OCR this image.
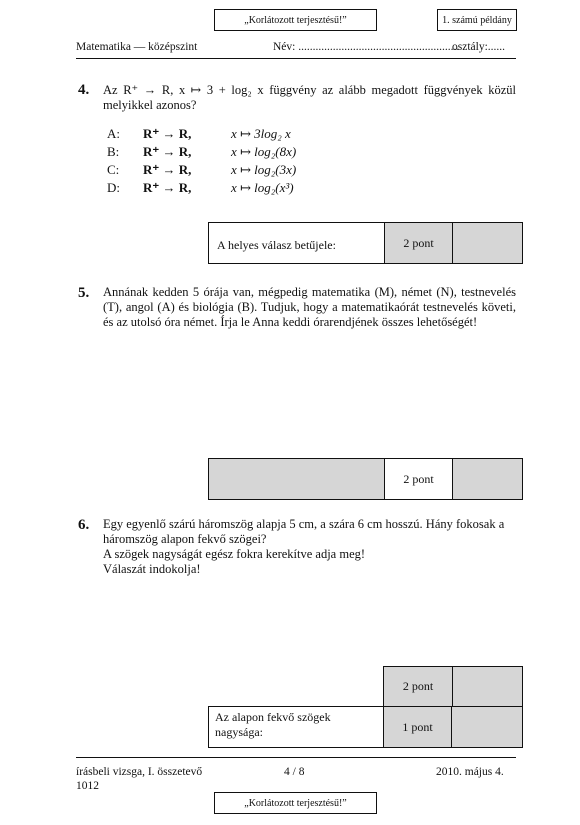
„Korlátozott terjesztésű!”	1. számú példány
Matematika — középszint	Név: ........................................................
osztály:......
4. Az R⁺ → R, x ↦ 3 + log₂ x függvény az alább megadott függvények közül melyikkel azonos?
A:	R⁺ → R,	x ↦ 3log₂ x
B:	R⁺ → R,	x ↦ log₂(8x)
C:	R⁺ → R,	x ↦ log₂(3x)
D:	R⁺ → R,	x ↦ log₂(x³)
A helyes válasz betűjele:	2 pont
5. Annának kedden 5 órája van, mégpedig matematika (M), német (N), testnevelés (T), angol (A) és biológia (B). Tudjuk, hogy a matematikaórát testnevelés követi, és az utolsó óra német. Írja le Anna keddi órarendjének összes lehetőségét!
2 pont
6. Egy egyenlő szárú háromszög alapja 5 cm, a szára 6 cm hosszú. Hány fokosak a
háromszög alapon fekvő szögei?
A szögek nagyságát egész fokra kerekítve adja meg!
Válaszát indokolja!
2 pont
Az alapon fekvő szögek nagysága:	1 pont
írásbeli vizsga, I. összetevő
1012
4 / 8	2010. május 4.
„Korlátozott terjesztésű!”
